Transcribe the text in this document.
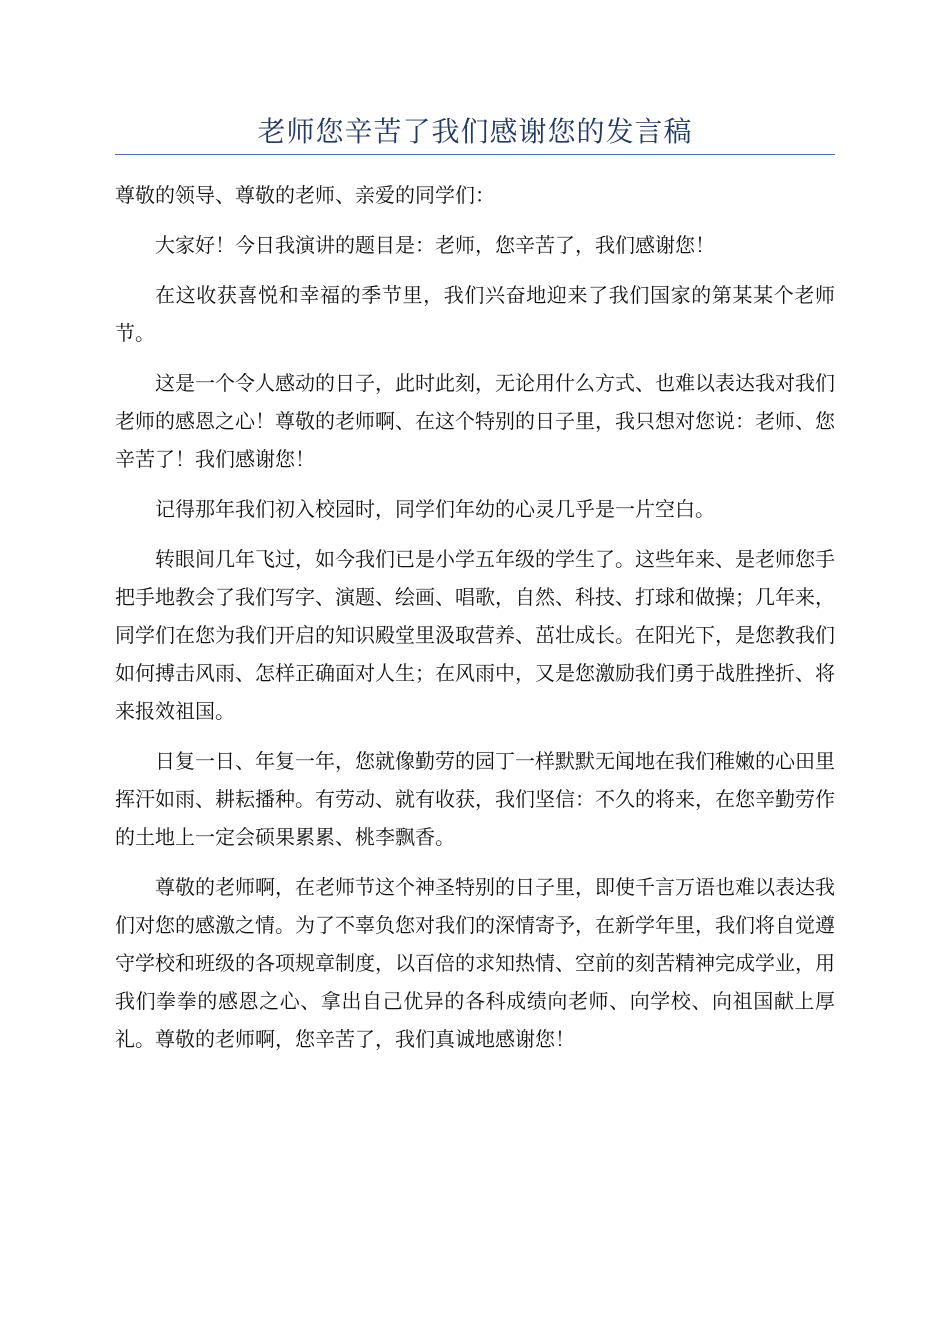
老师您辛苦了我们感谢您的发言稿

尊敬的领导、尊敬的老师、亲爱的同学们：

大家好！今日我演讲的题目是：老师，您辛苦了，我们感谢您！

在这收获喜悦和幸福的季节里，我们兴奋地迎来了我们国家的第某某个老师节。

这是一个令人感动的日子，此时此刻，无论用什么方式、也难以表达我对我们老师的感恩之心！尊敬的老师啊、在这个特别的日子里，我只想对您说：老师、您辛苦了！我们感谢您！

记得那年我们初入校园时，同学们年幼的心灵几乎是一片空白。

转眼间几年飞过，如今我们已是小学五年级的学生了。这些年来、是老师您手把手地教会了我们写字、演题、绘画、唱歌，自然、科技、打球和做操；几年来，同学们在您为我们开启的知识殿堂里汲取营养、茁壮成长。在阳光下，是您教我们如何搏击风雨、怎样正确面对人生；在风雨中，又是您激励我们勇于战胜挫折、将来报效祖国。

日复一日、年复一年，您就像勤劳的园丁一样默默无闻地在我们稚嫩的心田里挥汗如雨、耕耘播种。有劳动、就有收获，我们坚信：不久的将来，在您辛勤劳作的土地上一定会硕果累累、桃李飘香。

尊敬的老师啊，在老师节这个神圣特别的日子里，即使千言万语也难以表达我们对您的感激之情。为了不辜负您对我们的深情寄予，在新学年里，我们将自觉遵守学校和班级的各项规章制度，以百倍的求知热情、空前的刻苦精神完成学业，用我们拳拳的感恩之心、拿出自己优异的各科成绩向老师、向学校、向祖国献上厚礼。尊敬的老师啊，您辛苦了，我们真诚地感谢您！
